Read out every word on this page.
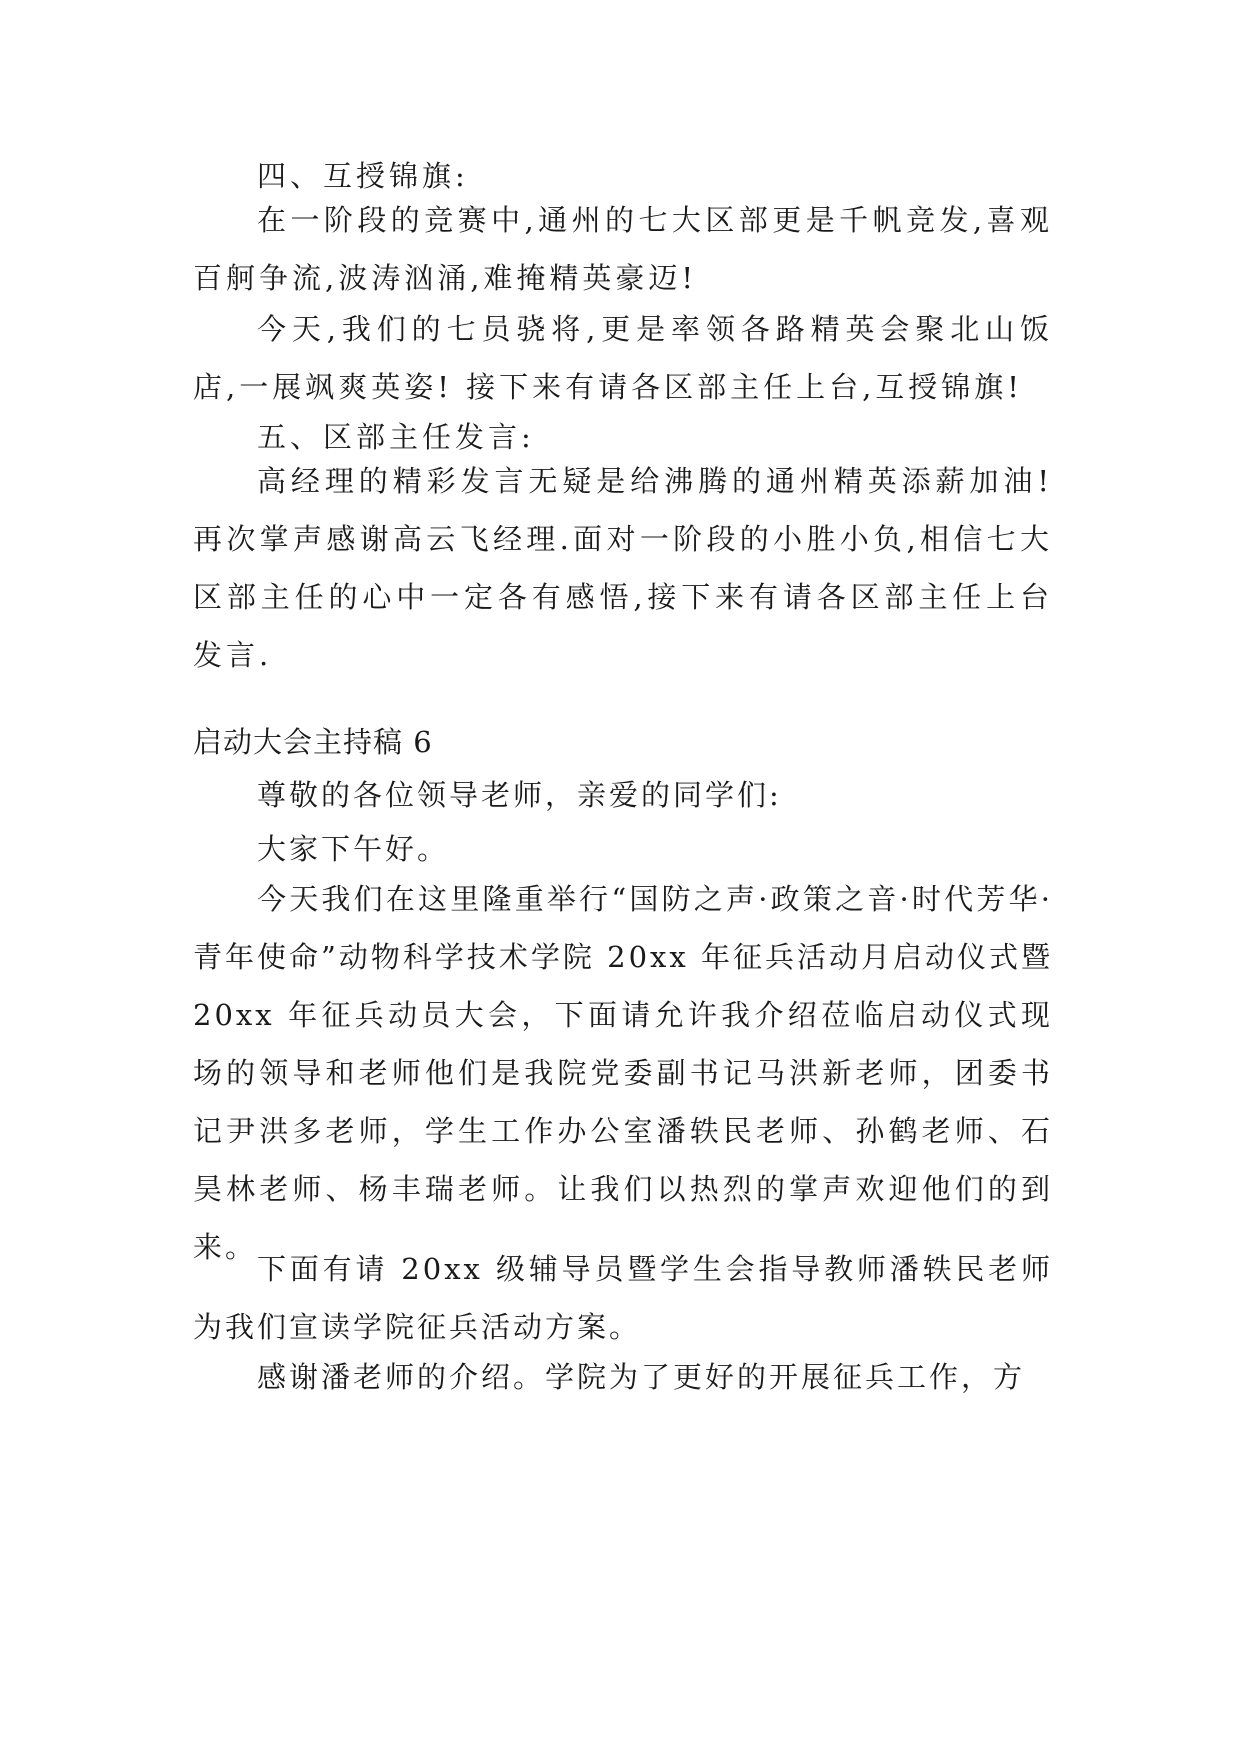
四、互授锦旗:

在一阶段的竞赛中,通州的七大区部更是千帆竞发,喜观百舸争流,波涛汹涌,难掩精英豪迈!

今天,我们的七员骁将,更是率领各路精英会聚北山饭店,一展飒爽英姿! 接下来有请各区部主任上台,互授锦旗!

五、区部主任发言:

高经理的精彩发言无疑是给沸腾的通州精英添薪加油! 再次掌声感谢高云飞经理.面对一阶段的小胜小负,相信七大区部主任的心中一定各有感悟,接下来有请各区部主任上台发言.

启动大会主持稿 6

尊敬的各位领导老师，亲爱的同学们:

大家下午好。

今天我们在这里隆重举行“国防之声·政策之音·时代芳华·青年使命”动物科学技术学院 20xx 年征兵活动月启动仪式暨 20xx 年征兵动员大会，下面请允许我介绍莅临启动仪式现场的领导和老师他们是我院党委副书记马洪新老师，团委书记尹洪多老师，学生工作办公室潘轶民老师、孙鹤老师、石昊林老师、杨丰瑞老师。让我们以热烈的掌声欢迎他们的到来。

下面有请 20xx 级辅导员暨学生会指导教师潘轶民老师为我们宣读学院征兵活动方案。

感谢潘老师的介绍。学院为了更好的开展征兵工作，方
